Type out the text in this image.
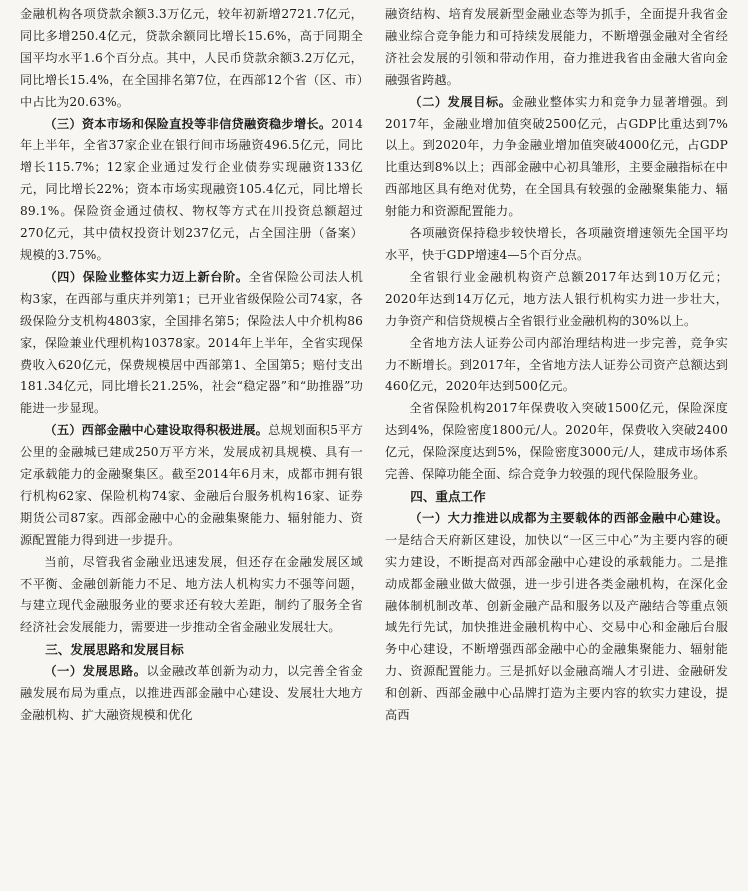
金融机构各项贷款余额3.3万亿元，较年初新增2721.7亿元，同比多增250.4亿元，贷款余额同比增长15.6%，高于同期全国平均水平1.6个百分点。其中，人民币贷款余额3.2万亿元，同比增长15.4%，在全国排名第7位，在西部12个省（区、市）中占比为20.63%。

（三）资本市场和保险直投等非信贷融资稳步增长。2014年上半年，全省37家企业在银行间市场融资496.5亿元，同比增长115.7%；12家企业通过发行企业债券实现融资133亿元，同比增长22%；资本市场实现融资105.4亿元，同比增长89.1%。保险资金通过债权、物权等方式在川投资总额超过270亿元，其中债权投资计划237亿元，占全国注册（备案）规模的3.75%。

（四）保险业整体实力迈上新台阶。全省保险公司法人机构3家，在西部与重庆并列第1；已开业省级保险公司74家，各级保险分支机构4803家，全国排名第5；保险法人中介机构86家，保险兼业代理机构10378家。2014年上半年，全省实现保费收入620亿元，保费规模居中西部第1、全国第5；赔付支出181.34亿元，同比增长21.25%，社会“稳定器”和“助推器”功能进一步显现。

（五）西部金融中心建设取得积极进展。总规划面积5平方公里的金融城已建成250万平方米，发展成初具规模、具有一定承载能力的金融聚集区。截至2014年6月末，成都市拥有银行机构62家、保险机构74家、金融后台服务机构16家、证券期货公司87家。西部金融中心的金融集聚能力、辐射能力、资源配置能力得到进一步提升。

当前，尽管我省金融业迅速发展，但还存在金融发展区域不平衡、金融创新能力不足、地方法人机构实力不强等问题，与建立现代金融服务业的要求还有较大差距，制约了服务全省经济社会发展能力，需要进一步推动全省金融业发展壮大。

三、发展思路和发展目标

（一）发展思路。以金融改革创新为动力，以完善全省金融发展布局为重点，以推进西部金融中心建设、发展壮大地方金融机构、扩大融资规模和优化

融资结构、培育发展新型金融业态等为抓手，全面提升我省金融业综合竞争能力和可持续发展能力，不断增强金融对全省经济社会发展的引领和带动作用，奋力推进我省由金融大省向金融强省跨越。

（二）发展目标。金融业整体实力和竞争力显著增强。到2017年，金融业增加值突破2500亿元，占GDP比重达到7%以上。到2020年，力争金融业增加值突破4000亿元，占GDP比重达到8%以上；西部金融中心初具雏形，主要金融指标在中西部地区具有绝对优势，在全国具有较强的金融聚集能力、辐射能力和资源配置能力。

各项融资保持稳步较快增长，各项融资增速领先全国平均水平，快于GDP增速4—5个百分点。

全省银行业金融机构资产总额2017年达到10万亿元；2020年达到14万亿元，地方法人银行机构实力进一步壮大，力争资产和信贷规模占全省银行业金融机构的30%以上。

全省地方法人证券公司内部治理结构进一步完善，竞争实力不断增长。到2017年，全省地方法人证券公司资产总额达到460亿元，2020年达到500亿元。

全省保险机构2017年保费收入突破1500亿元，保险深度达到4%，保险密度1800元/人。2020年，保费收入突破2400亿元，保险深度达到5%，保险密度3000元/人，建成市场体系完善、保障功能全面、综合竞争力较强的现代保险服务业。

四、重点工作

（一）大力推进以成都为主要载体的西部金融中心建设。一是结合天府新区建设，加快以“一区三中心”为主要内容的硬实力建设，不断提高对西部金融中心建设的承载能力。二是推动成都金融业做大做强，进一步引进各类金融机构，在深化金融体制机制改革、创新金融产品和服务以及产融结合等重点领域先行先试，加快推进金融机构中心、交易中心和金融后台服务中心建设，不断增强西部金融中心的金融集聚能力、辐射能力、资源配置能力。三是抓好以金融高端人才引进、金融研发和创新、西部金融中心品牌打造为主要内容的软实力建设，提高西
